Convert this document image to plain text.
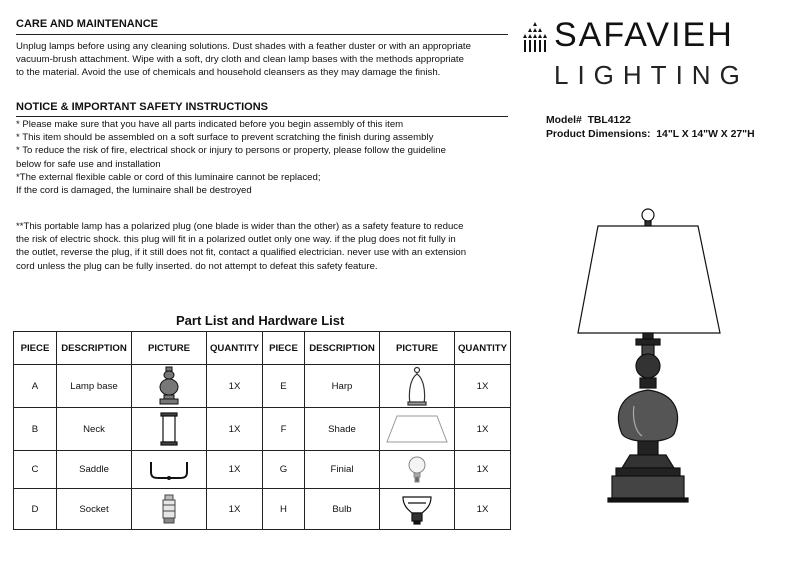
CARE AND MAINTENANCE
Unplug lamps before using any cleaning solutions. Dust shades with a feather duster or with an appropriate
vacuum-brush attachment. Wipe with a soft, dry cloth and clean lamp bases with the methods appropriate
to the material. Avoid the use of chemicals and household cleansers as they may damage the finish.
NOTICE & IMPORTANT SAFETY INSTRUCTIONS
* Please make sure that you have all parts indicated before you begin assembly of this item
* This item should be assembled on a soft surface to prevent scratching the finish during assembly
* To reduce the risk of fire, electrical shock or injury to persons or property, please follow the guideline
below for safe use and installation
*The external flexible cable or cord of this luminaire cannot be replaced;
If the cord is damaged, the luminaire shall be destroyed
**This portable lamp has a polarized plug (one blade is wider than the other) as a safety feature to reduce
the risk of electric shock. this plug will fit in a polarized outlet only one way. if the plug does not fit fully in
the outlet, reverse the plug, if it still does not fit, contact a qualified electrician. never use with an extension
cord unless the plug can be fully inserted. do not attempt to defeat this safety feature.
SAFAVIEH
LIGHTING
Model# TBL4122
Product Dimensions: 14"L X 14"W X 27"H
Part List and Hardware List
PIECE	DESCRIPTION	PICTURE	QUANTITY	PIECE	DESCRIPTION	PICTURE	QUANTITY
A	Lamp base		1X	E	Harp		1X
B	Neck		1X	F	Shade		1X
C	Saddle		1X	G	Finial		1X
D	Socket		1X	H	Bulb		1X
